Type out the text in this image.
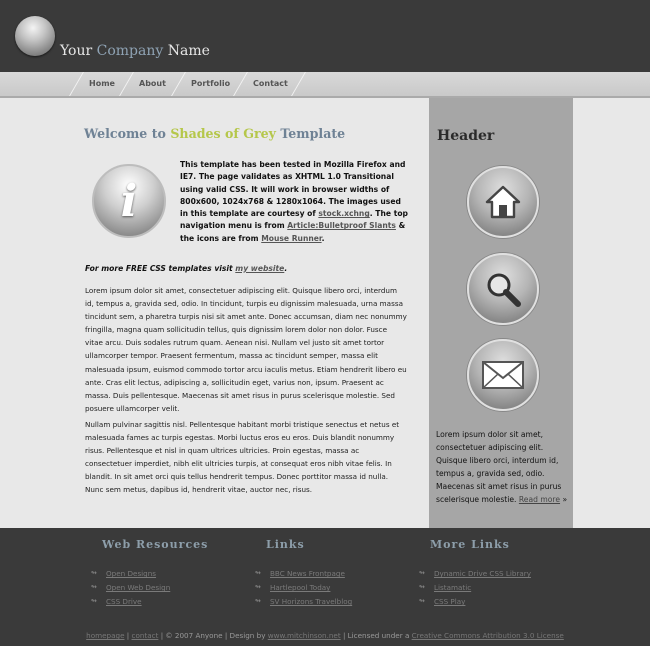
Your Company Name
Home	About	Portfolio	Contact
Welcome to Shades of Grey Template
i
This template has been tested in Mozilla Firefox and IE7. The page validates as XHTML 1.0 Transitional using valid CSS. It will work in browser widths of 800x600, 1024x768 & 1280x1064. The images used in this template are courtesy of stock.xchng. The top navigation menu is from Article:Bulletproof Slants & the icons are from Mouse Runner.
For more FREE CSS templates visit my website.
Lorem ipsum dolor sit amet, consectetuer adipiscing elit. Quisque libero orci, interdum id, tempus a, gravida sed, odio. In tincidunt, turpis eu dignissim malesuada, urna massa tincidunt sem, a pharetra turpis nisi sit amet ante. Donec accumsan, diam nec nonummy fringilla, magna quam sollicitudin tellus, quis dignissim lorem dolor non dolor. Fusce vitae arcu. Duis sodales rutrum quam. Aenean nisi. Nullam vel justo sit amet tortor ullamcorper tempor. Praesent fermentum, massa ac tincidunt semper, massa elit malesuada ipsum, euismod commodo tortor arcu iaculis metus. Etiam hendrerit libero eu ante. Cras elit lectus, adipiscing a, sollicitudin eget, varius non, ipsum. Praesent ac massa. Duis pellentesque. Maecenas sit amet risus in purus scelerisque molestie. Sed posuere ullamcorper velit.
Nullam pulvinar sagittis nisl. Pellentesque habitant morbi tristique senectus et netus et malesuada fames ac turpis egestas. Morbi luctus eros eu eros. Duis blandit nonummy risus. Pellentesque et nisl in quam ultrices ultricies. Proin egestas, massa ac consectetuer imperdiet, nibh elit ultricies turpis, at consequat eros nibh vitae felis. In blandit. In sit amet orci quis tellus hendrerit tempus. Donec porttitor massa id nulla. Nunc sem metus, dapibus id, hendrerit vitae, auctor nec, risus.
Header
Lorem ipsum dolor sit amet, consectetuer adipiscing elit. Quisque libero orci, interdum id, tempus a, gravida sed, odio. Maecenas sit amet risus in purus scelerisque molestie. Read more »
Web Resources	Links	More Links
↬ Open Designs
↬ Open Web Design
↬ CSS Drive
↬ BBC News Frontpage
↬ Hartlepool Today
↬ SV Horizons Travelblog
↬ Dynamic Drive CSS Library
↬ Listamatic
↬ CSS Play
homepage | contact | © 2007 Anyone | Design by www.mitchinson.net | Licensed under a Creative Commons Attribution 3.0 License
